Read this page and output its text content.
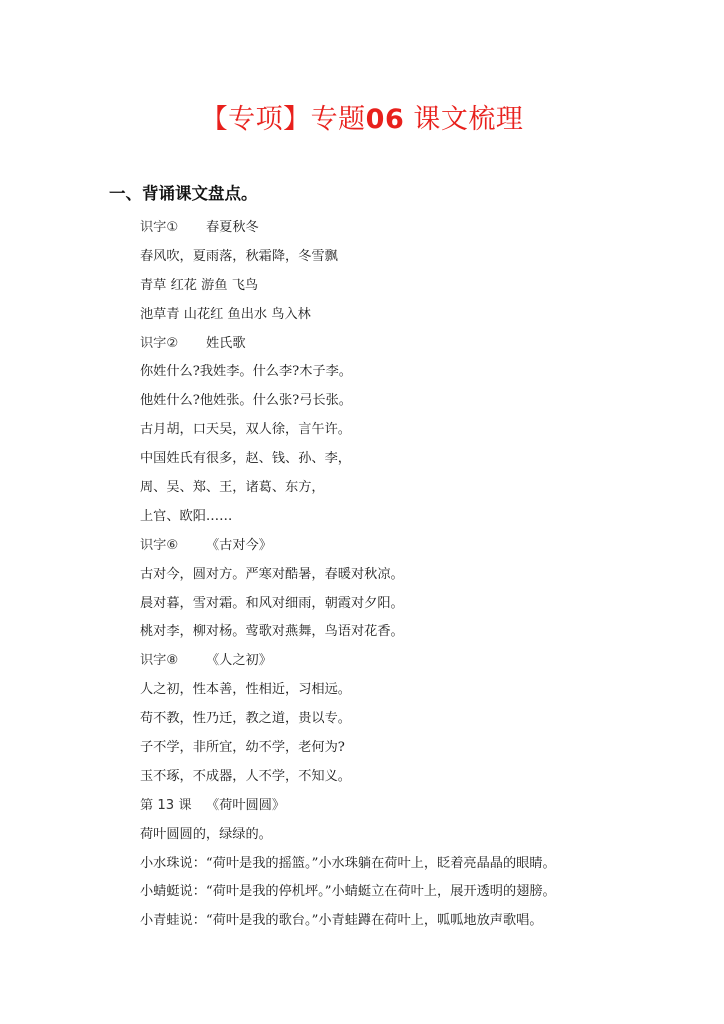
【专项】专题06 课文梳理
一、背诵课文盘点。
识字① 春夏秋冬
春风吹，夏雨落，秋霜降，冬雪飘
青草 红花 游鱼 飞鸟
池草青 山花红 鱼出水 鸟入林
识字② 姓氏歌
你姓什么?我姓李。什么李?木子李。
他姓什么?他姓张。什么张?弓长张。
古月胡，口天吴，双人徐，言午许。
中国姓氏有很多，赵、钱、孙、李，
周、吴、郑、王，诸葛、东方，
上官、欧阳……
识字⑥ 《古对今》
古对今，圆对方。严寒对酷暑，春暖对秋凉。
晨对暮，雪对霜。和风对细雨，朝霞对夕阳。
桃对李，柳对杨。莺歌对燕舞，鸟语对花香。
识字⑧ 《人之初》
人之初，性本善，性相近，习相远。
苟不教，性乃迁，教之道，贵以专。
子不学，非所宜，幼不学，老何为?
玉不琢，不成器，人不学，不知义。
第 13 课 《荷叶圆圆》
荷叶圆圆的，绿绿的。
小水珠说：“荷叶是我的摇篮。”小水珠躺在荷叶上，眨着亮晶晶的眼睛。
小蜻蜓说：“荷叶是我的停机坪。”小蜻蜓立在荷叶上，展开透明的翅膀。
小青蛙说：“荷叶是我的歌台。”小青蛙蹲在荷叶上，呱呱地放声歌唱。
